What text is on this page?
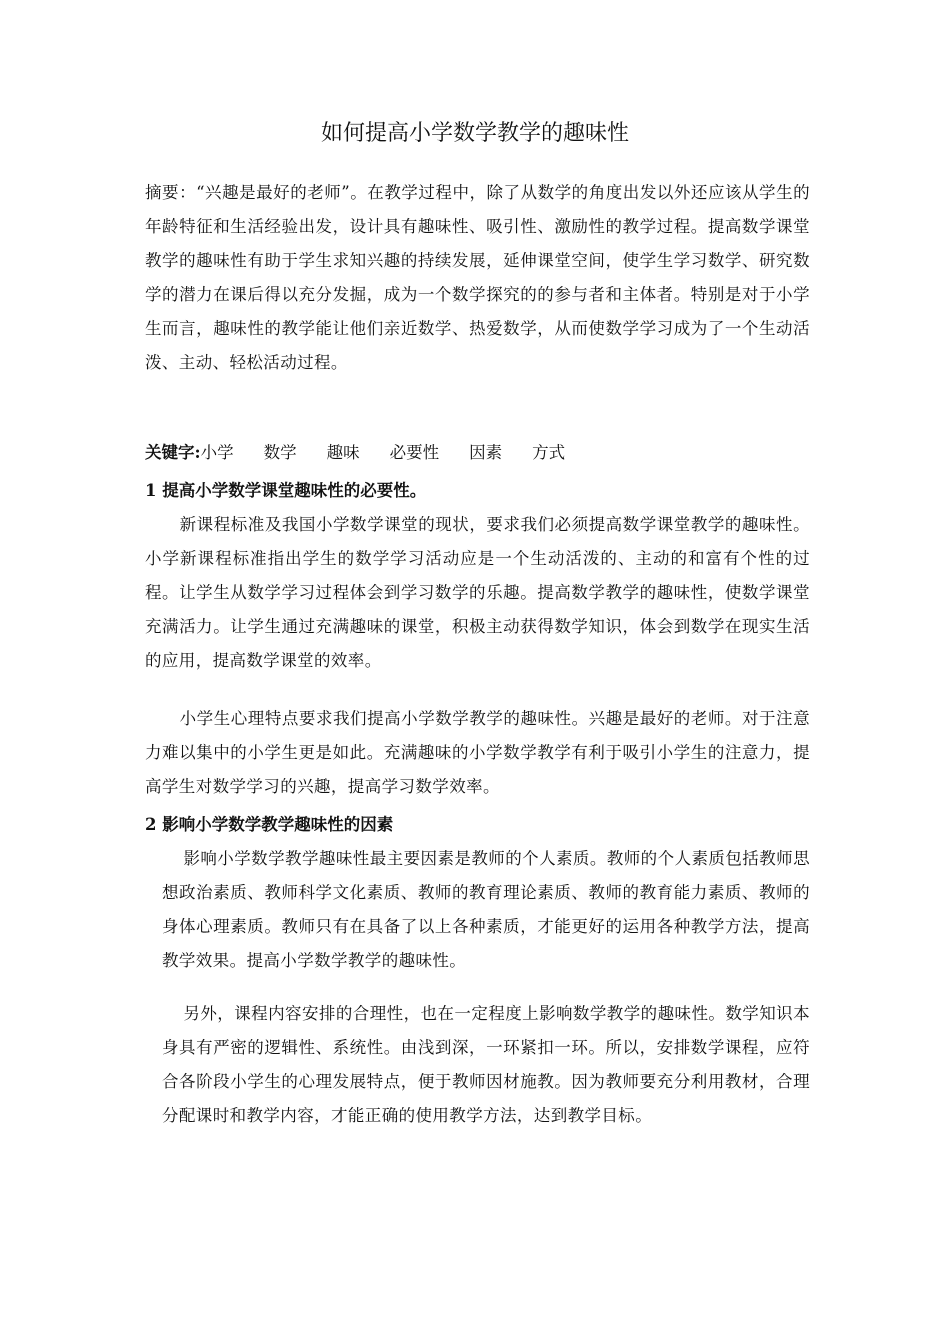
如何提高小学数学教学的趣味性
摘要：“兴趣是最好的老师”。在教学过程中，除了从数学的角度出发以外还应该从学生的年龄特征和生活经验出发，设计具有趣味性、吸引性、激励性的教学过程。提高数学课堂教学的趣味性有助于学生求知兴趣的持续发展，延伸课堂空间，使学生学习数学、研究数学的潜力在课后得以充分发掘，成为一个数学探究的的参与者和主体者。特别是对于小学生而言，趣味性的教学能让他们亲近数学、热爱数学，从而使数学学习成为了一个生动活泼、主动、轻松活动过程。
关键字:小学 数学 趣味 必要性 因素 方式
1 提高小学数学课堂趣味性的必要性。
新课程标准及我国小学数学课堂的现状，要求我们必须提高数学课堂教学的趣味性。小学新课程标准指出学生的数学学习活动应是一个生动活泼的、主动的和富有个性的过程。让学生从数学学习过程体会到学习数学的乐趣。提高数学教学的趣味性，使数学课堂充满活力。让学生通过充满趣味的课堂，积极主动获得数学知识，体会到数学在现实生活的应用，提高数学课堂的效率。
小学生心理特点要求我们提高小学数学教学的趣味性。兴趣是最好的老师。对于注意力难以集中的小学生更是如此。充满趣味的小学数学教学有利于吸引小学生的注意力，提高学生对数学学习的兴趣，提高学习数学效率。
2 影响小学数学教学趣味性的因素
影响小学数学教学趣味性最主要因素是教师的个人素质。教师的个人素质包括教师思想政治素质、教师科学文化素质、教师的教育理论素质、教师的教育能力素质、教师的身体心理素质。教师只有在具备了以上各种素质，才能更好的运用各种教学方法，提高教学效果。提高小学数学教学的趣味性。
另外，课程内容安排的合理性，也在一定程度上影响数学教学的趣味性。数学知识本身具有严密的逻辑性、系统性。由浅到深，一环紧扣一环。所以，安排数学课程，应符合各阶段小学生的心理发展特点，便于教师因材施教。因为教师要充分利用教材，合理分配课时和教学内容，才能正确的使用教学方法，达到教学目标。
